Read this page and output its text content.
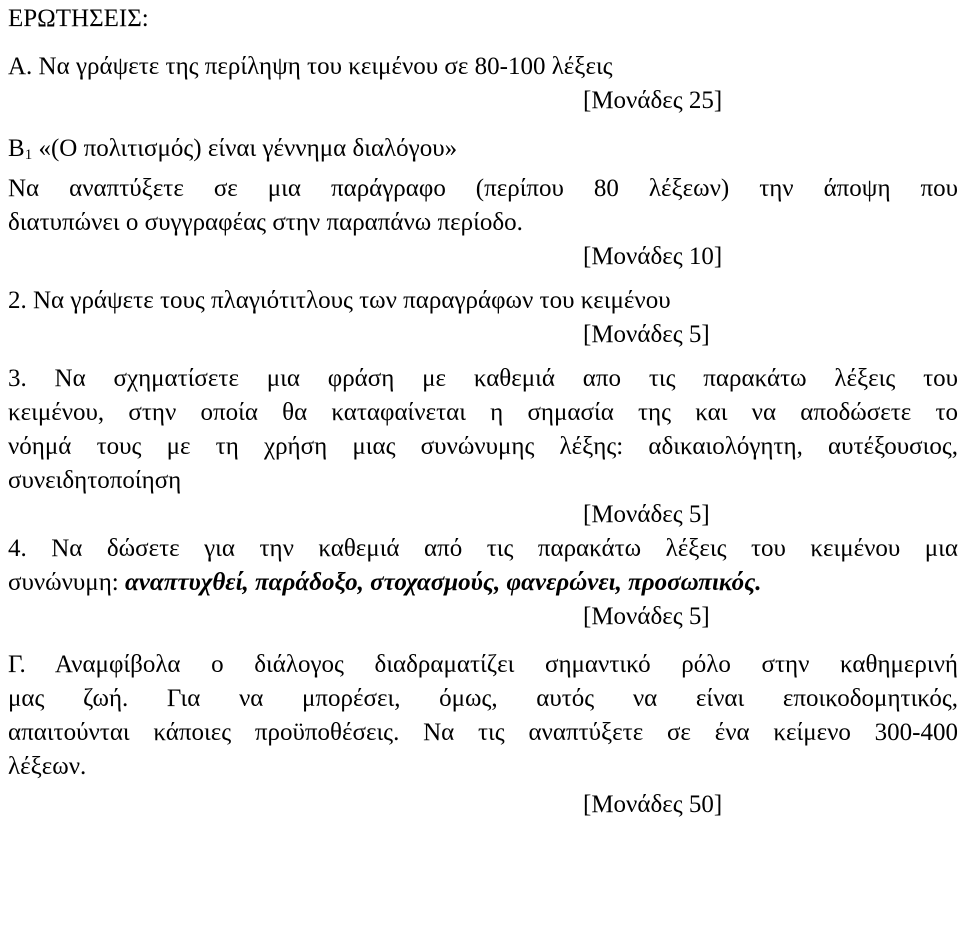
ΕΡΩΤΗΣΕΙΣ:
Α. Να γράψετε της περίληψη του κειμένου σε 80-100 λέξεις
[Μονάδες 25]
$B_1$ «(Ο πολιτισμός) είναι γέννημα διαλόγου»
Να αναπτύξετε σε μια παράγραφο (περίπου 80 λέξεων) την άποψη που
διατυπώνει ο συγγραφέας στην παραπάνω περίοδο.
[Μονάδες 10]
2. Να γράψετε τους πλαγιότιτλους των παραγράφων του κειμένου
[Μονάδες 5]
3. Να σχηματίσετε μια φράση με καθεμιά απο τις παρακάτω λέξεις του
κειμένου, στην οποία θα καταφαίνεται η σημασία της και να αποδώσετε το
νόημά τους με τη χρήση μιας συνώνυμης λέξης: αδικαιολόγητη, αυτέξουσιος,
συνειδητοποίηση
[Μονάδες 5]
4. Να δώσετε για την καθεμιά από τις παρακάτω λέξεις του κειμένου μια
συνώνυμη: αναπτυχθεί, παράδοξο, στοχασμούς, φανερώνει, προσωπικός.
[Μονάδες 5]
Γ. Αναμφίβολα ο διάλογος διαδραματίζει σημαντικό ρόλο στην καθημερινή
μας ζωή. Για να μπορέσει, όμως, αυτός να είναι εποικοδομητικός,
απαιτούνται κάποιες προϋποθέσεις. Να τις αναπτύξετε σε ένα κείμενο 300-400
λέξεων.
[Μονάδες 50]
